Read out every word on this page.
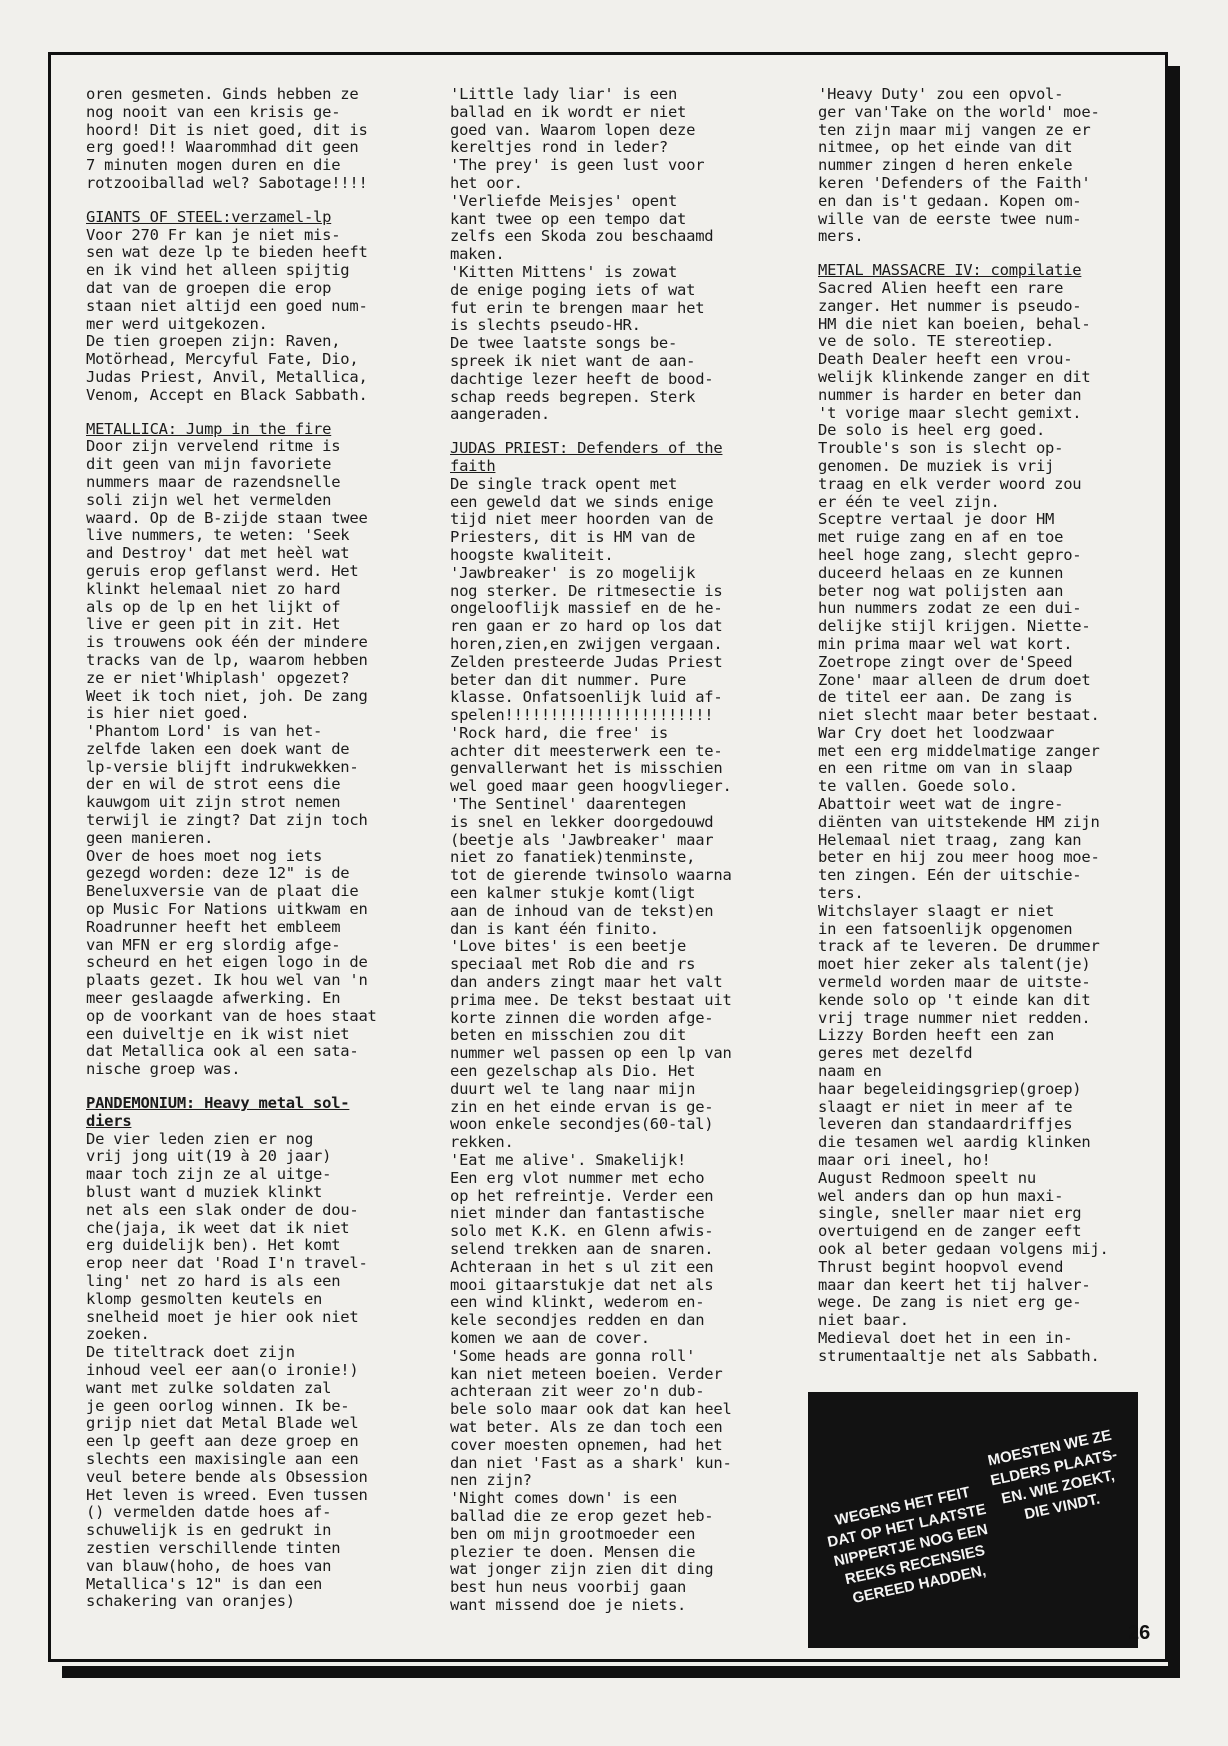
oren gesmeten. Ginds hebben ze
nog nooit van een krisis ge-
hoord! Dit is niet goed, dit is
erg goed!! Waarommhad dit geen
7 minuten mogen duren en die
rotzooiballad wel? Sabotage!!!!
GIANTS OF STEEL:verzamel-lp
Voor 270 Fr kan je niet mis-
sen wat deze lp te bieden heeft
en ik vind het alleen spijtig
dat van de groepen die erop
staan niet altijd een goed num-
mer werd uitgekozen.
De tien groepen zijn: Raven,
Motörhead, Mercyful Fate, Dio,
Judas Priest, Anvil, Metallica,
Venom, Accept en Black Sabbath.
METALLICA: Jump in the fire
Door zijn vervelend ritme is
dit geen van mijn favoriete
nummers maar de razendsnelle
soli zijn wel het vermelden
waard. Op de B-zijde staan twee
live nummers, te weten: 'Seek
and Destroy' dat met heèl wat
geruis erop geflanst werd. Het
klinkt helemaal niet zo hard
als op de lp en het lijkt of
live er geen pit in zit. Het
is trouwens ook één der mindere
tracks van de lp, waarom hebben
ze er niet'Whiplash' opgezet?
Weet ik toch niet, joh. De zang
is hier niet goed.
'Phantom Lord' is van het-
zelfde laken een doek want de
lp-versie blijft indrukwekken-
der en wil de strot eens die
kauwgom uit zijn strot nemen
terwijl ie zingt? Dat zijn toch
geen manieren.
Over de hoes moet nog iets
gezegd worden: deze 12" is de
Beneluxversie van de plaat die
op Music For Nations uitkwam en
Roadrunner heeft het embleem
van MFN er erg slordig afge-
scheurd en het eigen logo in de
plaats gezet. Ik hou wel van 'n
meer geslaagde afwerking. En
op de voorkant van de hoes staat
een duiveltje en ik wist niet
dat Metallica ook al een sata-
nische groep was.
PANDEMONIUM: Heavy metal sol-
diers
De vier leden zien er nog
vrij jong uit(19 à 20 jaar)
maar toch zijn ze al uitge-
blust want d muziek klinkt
net als een slak onder de dou-
che(jaja, ik weet dat ik niet
erg duidelijk ben). Het komt
erop neer dat 'Road I'n travel-
ling' net zo hard is als een
klomp gesmolten keutels en
snelheid moet je hier ook niet
zoeken.
De titeltrack doet zijn
inhoud veel eer aan(o ironie!)
want met zulke soldaten zal
je geen oorlog winnen. Ik be-
grijp niet dat Metal Blade wel
een lp geeft aan deze groep en
slechts een maxisingle aan een
veul betere bende als Obsession
Het leven is wreed. Even tussen
() vermelden datde hoes af-
schuwelijk is en gedrukt in
zestien verschillende tinten
van blauw(hoho, de hoes van
Metallica's 12" is dan een
schakering van oranjes)
'Little lady liar' is een
ballad en ik wordt er niet
goed van. Waarom lopen deze
kereltjes rond in leder?
'The prey' is geen lust voor
het oor.
'Verliefde Meisjes' opent
kant twee op een tempo dat
zelfs een Skoda zou beschaamd
maken.
'Kitten Mittens' is zowat
de enige poging iets of wat
fut erin te brengen maar het
is slechts pseudo-HR.
De twee laatste songs be-
spreek ik niet want de aan-
dachtige lezer heeft de bood-
schap reeds begrepen. Sterk
aangeraden.
JUDAS PRIEST: Defenders of the
faith
De single track opent met
een geweld dat we sinds enige
tijd niet meer hoorden van de
Priesters, dit is HM van de
hoogste kwaliteit.
'Jawbreaker' is zo mogelijk
nog sterker. De ritmesectie is
ongelooflijk massief en de he-
ren gaan er zo hard op los dat
horen,zien,en zwijgen vergaan.
Zelden presteerde Judas Priest
beter dan dit nummer. Pure
klasse. Onfatsoenlijk luid af-
spelen!!!!!!!!!!!!!!!!!!!!!!!
'Rock hard, die free' is
achter dit meesterwerk een te-
genvallerwant het is misschien
wel goed maar geen hoogvlieger.
'The Sentinel' daarentegen
is snel en lekker doorgedouwd
(beetje als 'Jawbreaker' maar
niet zo fanatiek)tenminste,
tot de gierende twinsolo waarna
een kalmer stukje komt(ligt
aan de inhoud van de tekst)en
dan is kant één finito.
'Love bites' is een beetje
speciaal met Rob die and rs
dan anders zingt maar het valt
prima mee. De tekst bestaat uit
korte zinnen die worden afge-
beten en misschien zou dit
nummer wel passen op een lp van
een gezelschap als Dio. Het
duurt wel te lang naar mijn
zin en het einde ervan is ge-
woon enkele secondjes(60-tal)
rekken.
'Eat me alive'. Smakelijk!
Een erg vlot nummer met echo
op het refreintje. Verder een
niet minder dan fantastische
solo met K.K. en Glenn afwis-
selend trekken aan de snaren.
Achteraan in het s ul zit een
mooi gitaarstukje dat net als
een wind klinkt, wederom en-
kele secondjes redden en dan
komen we aan de cover.
'Some heads are gonna roll'
kan niet meteen boeien. Verder
achteraan zit weer zo'n dub-
bele solo maar ook dat kan heel
wat beter. Als ze dan toch een
cover moesten opnemen, had het
dan niet 'Fast as a shark' kun-
nen zijn?
'Night comes down' is een
ballad die ze erop gezet heb-
ben om mijn grootmoeder een
plezier te doen. Mensen die
wat jonger zijn zien dit ding
best hun neus voorbij gaan
want missend doe je niets.
'Heavy Duty' zou een opvol-
ger van'Take on the world' moe-
ten zijn maar mij vangen ze er
nitmee, op het einde van dit
nummer zingen d heren enkele
keren 'Defenders of the Faith'
en dan is't gedaan. Kopen om-
wille van de eerste twee num-
mers.
METAL MASSACRE IV: compilatie
Sacred Alien heeft een rare
zanger. Het nummer is pseudo-
HM die niet kan boeien, behal-
ve de solo. TE stereotiep.
Death Dealer heeft een vrou-
welijk klinkende zanger en dit
nummer is harder en beter dan
't vorige maar slecht gemixt.
De solo is heel erg goed.
Trouble's son is slecht op-
genomen. De muziek is vrij
traag en elk verder woord zou
er één te veel zijn.
Sceptre vertaal je door HM
met ruige zang en af en toe
heel hoge zang, slecht gepro-
duceerd helaas en ze kunnen
beter nog wat polijsten aan
hun nummers zodat ze een dui-
delijke stijl krijgen. Niette-
min prima maar wel wat kort.
Zoetrope zingt over de'Speed
Zone' maar alleen de drum doet
de titel eer aan. De zang is
niet slecht maar beter bestaat.
War Cry doet het loodzwaar
met een erg middelmatige zanger
en een ritme om van in slaap
te vallen. Goede solo.
Abattoir weet wat de ingre-
diënten van uitstekende HM zijn
Helemaal niet traag, zang kan
beter en hij zou meer hoog moe-
ten zingen. Eén der uitschie-
ters.
Witchslayer slaagt er niet
in een fatsoenlijk opgenomen
track af te leveren. De drummer
moet hier zeker als talent(je)
vermeld worden maar de uitste-
kende solo op 't einde kan dit
vrij trage nummer niet redden.
Lizzy Borden heeft een zan
geres met dezelfd
naam en
haar begeleidingsgriep(groep)
slaagt er niet in meer af te
leveren dan standaardriffjes
die tesamen wel aardig klinken
maar ori ineel, ho!
August Redmoon speelt nu
wel anders dan op hun maxi-
single, sneller maar niet erg
overtuigend en de zanger eeft
ook al beter gedaan volgens mij.
Thrust begint hoopvol evend
maar dan keert het tij halver-
wege. De zang is niet erg ge-
niet baar.
Medieval doet het in een in-
strumentaaltje net als Sabbath.
WEGENS HET FEIT
DAT OP HET LAATSTE
NIPPERTJE NOG EEN
REEKS RECENSIES
GEREED HADDEN,
MOESTEN WE ZE
ELDERS PLAATS-
EN. WIE ZOEKT,
DIE VINDT.
26
